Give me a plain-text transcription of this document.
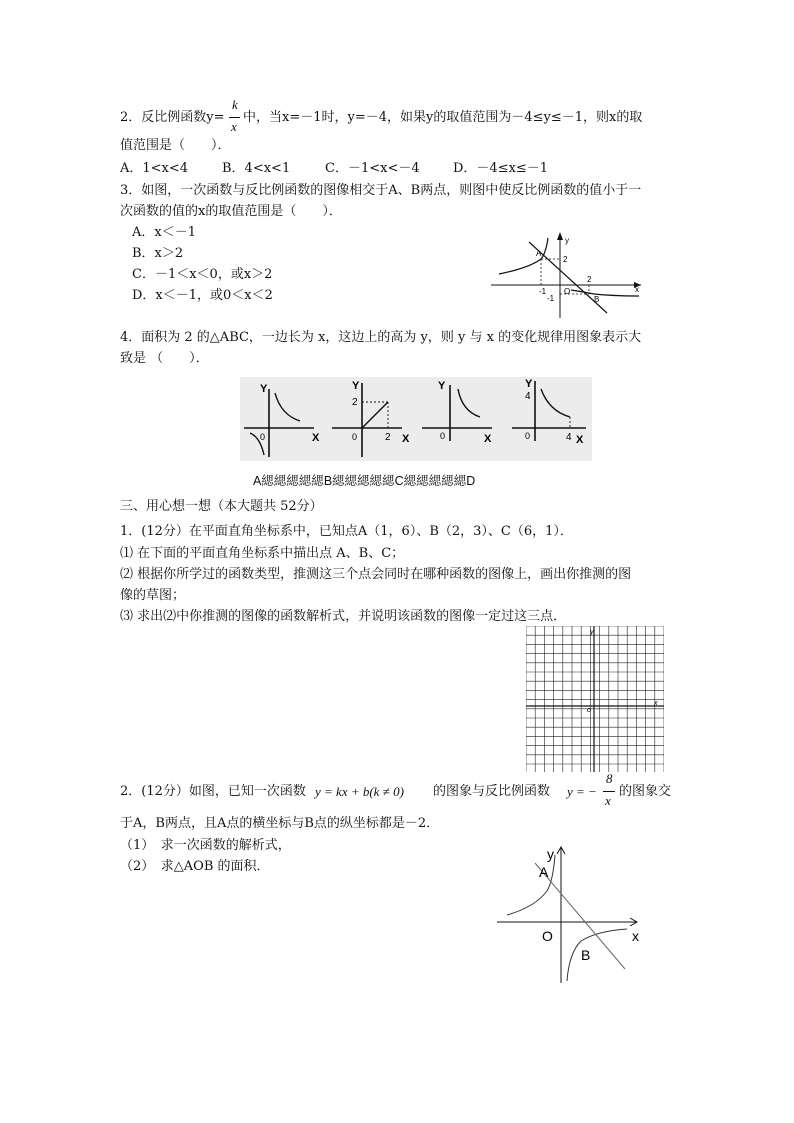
2．反比例函数y=
k
x
中，当x=－1时，y=－4，如果y的取值范围为－4≤y≤－1，则x的取
值范围是（　　）．
A．1<x<4	B．4<x<1	C．－1<x<－4	D．－4≤x≤－1
3．如图，一次函数与反比例函数的图像相交于A、B两点，则图中使反比例函数的值小于一
次函数的值的x的取值范围是（　　）．
A．x＜－1
B．x＞2
C．－1＜x＜0，或x＞2
D．x＜－1，或0＜x＜2
A
B
O
y
x
2
2
-1
-1
4．面积为 2 的△ABC，一边长为 x，这边上的高为 y，则 y 与 x 的变化规律用图象表示大
致是 （　　）．
Y
X
0
Y
2
2
0	X
Y
0	X
Y
4
0	4 X
A緦緦緦緦緦B緦緦緦緦緦C緦緦緦緦緦D
三、用心想一想（本大题共 52分）
1．(12分）在平面直角坐标系中，已知点A（1，6）、B（2，3）、C（6，1）．
⑴ 在下面的平面直角坐标系中描出点 A、B、C；
⑵ 根据你所学过的函数类型，推测这三个点会同时在哪种函数的图像上，画出你推测的图
像的草图；
⑶ 求出⑵中你推测的图像的函数解析式，并说明该函数的图像一定过这三点．
y
x
o
2．(12分）如图，已知一次函数 y = kx + b(k ≠ 0) 的图象与反比例函数 y = −
8
x
的图象交
于A，B两点，且A点的横坐标与B点的纵坐标都是－2．
（1）　求一次函数的解析式，
（2）　求△AOB 的面积．	A
B
O	x
y
